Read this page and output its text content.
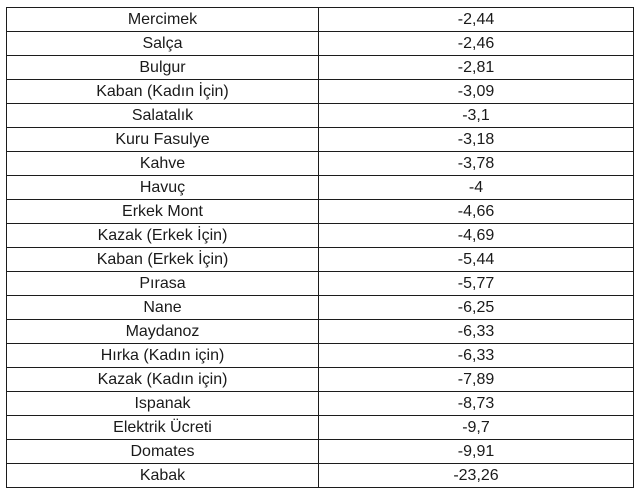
Mercimek	-2,44
Salça	-2,46
Bulgur	-2,81
Kaban (Kadın İçin)	-3,09
Salatalık	-3,1
Kuru Fasulye	-3,18
Kahve	-3,78
Havuç	-4
Erkek Mont	-4,66
Kazak (Erkek İçin)	-4,69
Kaban (Erkek İçin)	-5,44
Pırasa	-5,77
Nane	-6,25
Maydanoz	-6,33
Hırka (Kadın için)	-6,33
Kazak (Kadın için)	-7,89
Ispanak	-8,73
Elektrik Ücreti	-9,7
Domates	-9,91
Kabak	-23,26
